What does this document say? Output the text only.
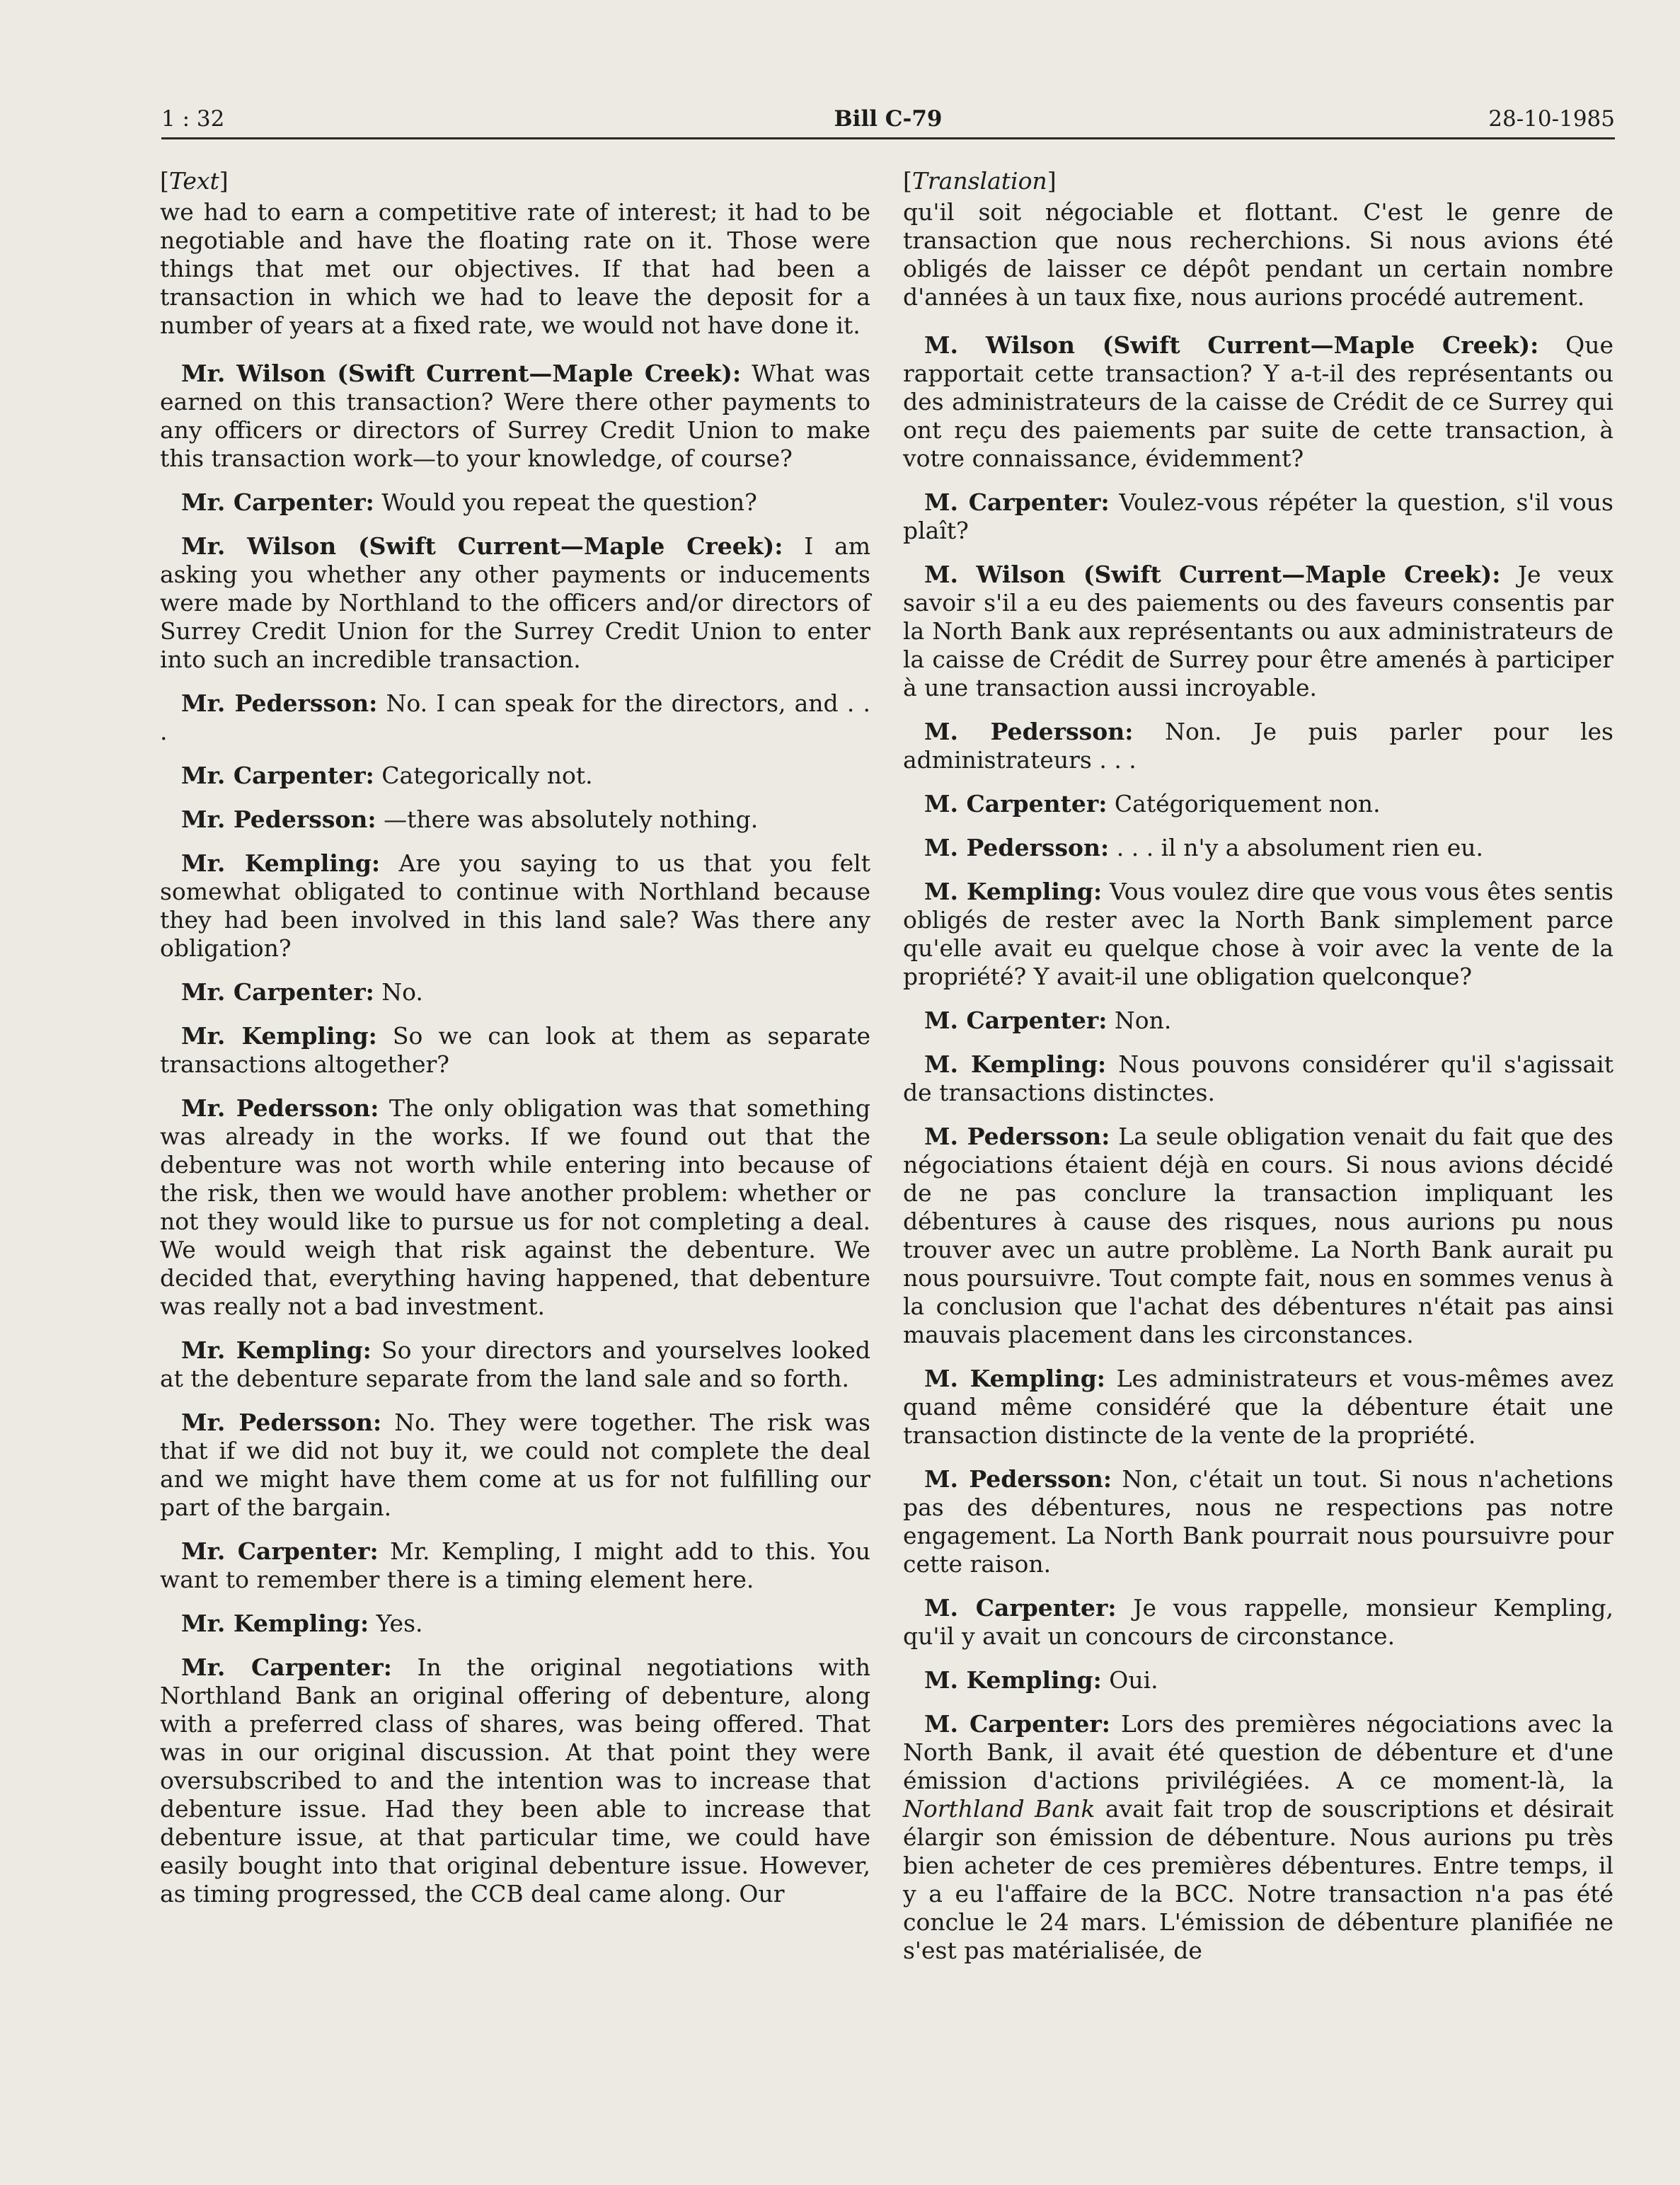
1 : 32	Bill C-79	28-10-1985
[Text]

we had to earn a competitive rate of interest; it had to be negotiable and have the floating rate on it. Those were things that met our objectives. If that had been a transaction in which we had to leave the deposit for a number of years at a fixed rate, we would not have done it.

Mr. Wilson (Swift Current—Maple Creek): What was earned on this transaction? Were there other payments to any officers or directors of Surrey Credit Union to make this transaction work—to your knowledge, of course?

Mr. Carpenter: Would you repeat the question?

Mr. Wilson (Swift Current—Maple Creek): I am asking you whether any other payments or inducements were made by Northland to the officers and/or directors of Surrey Credit Union for the Surrey Credit Union to enter into such an incredible transaction.

Mr. Pedersson: No. I can speak for the directors, and . . .

Mr. Carpenter: Categorically not.

Mr. Pedersson: —there was absolutely nothing.

Mr. Kempling: Are you saying to us that you felt somewhat obligated to continue with Northland because they had been involved in this land sale? Was there any obligation?

Mr. Carpenter: No.

Mr. Kempling: So we can look at them as separate transactions altogether?

Mr. Pedersson: The only obligation was that something was already in the works. If we found out that the debenture was not worth while entering into because of the risk, then we would have another problem: whether or not they would like to pursue us for not completing a deal. We would weigh that risk against the debenture. We decided that, everything having happened, that debenture was really not a bad investment.

Mr. Kempling: So your directors and yourselves looked at the debenture separate from the land sale and so forth.

Mr. Pedersson: No. They were together. The risk was that if we did not buy it, we could not complete the deal and we might have them come at us for not fulfilling our part of the bargain.

Mr. Carpenter: Mr. Kempling, I might add to this. You want to remember there is a timing element here.

Mr. Kempling: Yes.

Mr. Carpenter: In the original negotiations with Northland Bank an original offering of debenture, along with a preferred class of shares, was being offered. That was in our original discussion. At that point they were oversubscribed to and the intention was to increase that debenture issue. Had they been able to increase that debenture issue, at that particular time, we could have easily bought into that original debenture issue. However, as timing progressed, the CCB deal came along. Our

[Translation]

qu'il soit négociable et flottant. C'est le genre de transaction que nous recherchions. Si nous avions été obligés de laisser ce dépôt pendant un certain nombre d'années à un taux fixe, nous aurions procédé autrement.

M. Wilson (Swift Current—Maple Creek): Que rapportait cette transaction? Y a-t-il des représentants ou des administrateurs de la caisse de Crédit de ce Surrey qui ont reçu des paiements par suite de cette transaction, à votre connaissance, évidemment?

M. Carpenter: Voulez-vous répéter la question, s'il vous plaît?

M. Wilson (Swift Current—Maple Creek): Je veux savoir s'il a eu des paiements ou des faveurs consentis par la North Bank aux représentants ou aux administrateurs de la caisse de Crédit de Surrey pour être amenés à participer à une transaction aussi incroyable.

M. Pedersson: Non. Je puis parler pour les administrateurs . . .

M. Carpenter: Catégoriquement non.

M. Pedersson: . . . il n'y a absolument rien eu.

M. Kempling: Vous voulez dire que vous vous êtes sentis obligés de rester avec la North Bank simplement parce qu'elle avait eu quelque chose à voir avec la vente de la propriété? Y avait-il une obligation quelconque?

M. Carpenter: Non.

M. Kempling: Nous pouvons considérer qu'il s'agissait de transactions distinctes.

M. Pedersson: La seule obligation venait du fait que des négociations étaient déjà en cours. Si nous avions décidé de ne pas conclure la transaction impliquant les débentures à cause des risques, nous aurions pu nous trouver avec un autre problème. La North Bank aurait pu nous poursuivre. Tout compte fait, nous en sommes venus à la conclusion que l'achat des débentures n'était pas ainsi mauvais placement dans les circonstances.

M. Kempling: Les administrateurs et vous-mêmes avez quand même considéré que la débenture était une transaction distincte de la vente de la propriété.

M. Pedersson: Non, c'était un tout. Si nous n'achetions pas des débentures, nous ne respections pas notre engagement. La North Bank pourrait nous poursuivre pour cette raison.

M. Carpenter: Je vous rappelle, monsieur Kempling, qu'il y avait un concours de circonstance.

M. Kempling: Oui.

M. Carpenter: Lors des premières négociations avec la North Bank, il avait été question de débenture et d'une émission d'actions privilégiées. A ce moment-là, la Northland Bank avait fait trop de souscriptions et désirait élargir son émission de débenture. Nous aurions pu très bien acheter de ces premières débentures. Entre temps, il y a eu l'affaire de la BCC. Notre transaction n'a pas été conclue le 24 mars. L'émission de débenture planifiée ne s'est pas matérialisée, de
